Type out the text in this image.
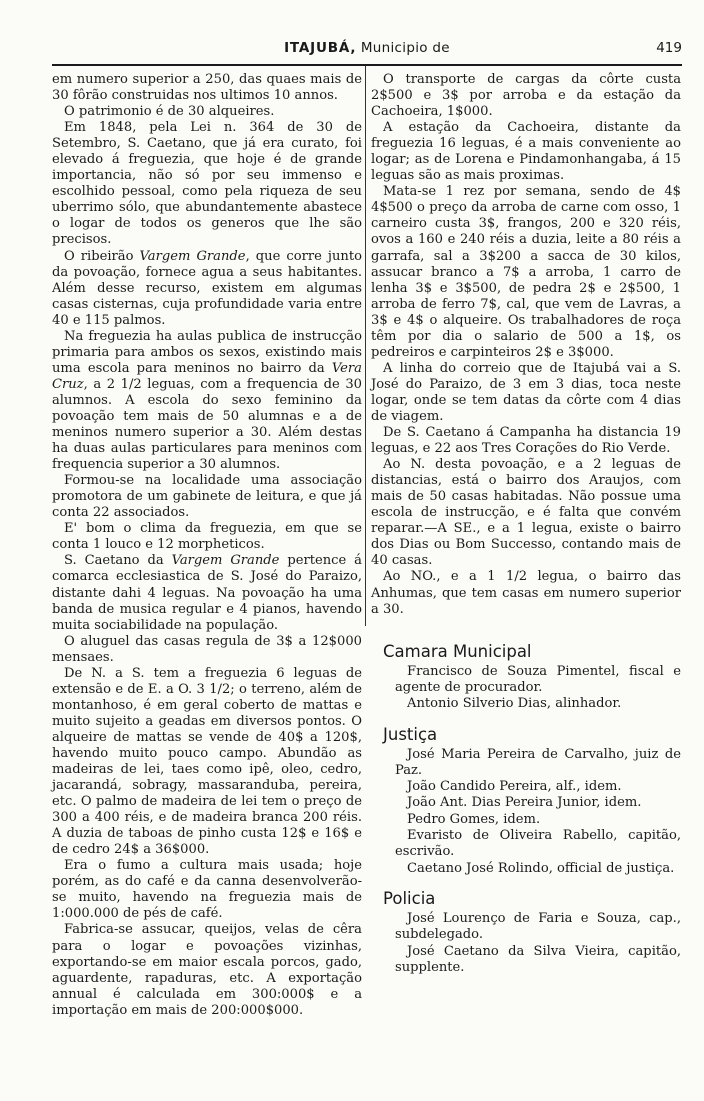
ITAJUBÁ, Municipio de	419

em numero superior a 250, das quaes mais de 30 fôrão construidas nos ultimos 10 annos.

O patrimonio é de 30 alqueires.

Em 1848, pela Lei n. 364 de 30 de Setembro, S. Caetano, que já era curato, foi elevado á freguezia, que hoje é de grande importancia, não só por seu immenso e escolhido pessoal, como pela riqueza de seu uberrimo sólo, que abundantemente abastece o logar de todos os generos que lhe são precisos.

O ribeirão Vargem Grande, que corre junto da povoação, fornece agua a seus habitantes. Além desse recurso, existem em algumas casas cisternas, cuja profundidade varia entre 40 e 115 palmos.

Na freguezia ha aulas publica de instrucção primaria para ambos os sexos, existindo mais uma escola para meninos no bairro da Vera Cruz, a 2 1/2 leguas, com a frequencia de 30 alumnos. A escola do sexo feminino da povoação tem mais de 50 alumnas e a de meninos numero superior a 30. Além destas ha duas aulas particulares para meninos com frequencia superior a 30 alumnos.

Formou-se na localidade uma associação promotora de um gabinete de leitura, e que já conta 22 associados.

E' bom o clima da freguezia, em que se conta 1 louco e 12 morpheticos.

S. Caetano da Vargem Grande pertence á comarca ecclesiastica de S. José do Paraizo, distante dahi 4 leguas. Na povoação ha uma banda de musica regular e 4 pianos, havendo muita sociabilidade na população.

O aluguel das casas regula de 3$ a 12$000 mensaes.

De N. a S. tem a freguezia 6 leguas de extensão e de E. a O. 3 1/2; o terreno, além de montanhoso, é em geral coberto de mattas e muito sujeito a geadas em diversos pontos. O alqueire de mattas se vende de 40$ a 120$, havendo muito pouco campo. Abundão as madeiras de lei, taes como ipê, oleo, cedro, jacarandá, sobragy, massaranduba, pereira, etc. O palmo de madeira de lei tem o preço de 300 a 400 réis, e de madeira branca 200 réis. A duzia de taboas de pinho custa 12$ e 16$ e de cedro 24$ a 36$000.

Era o fumo a cultura mais usada; hoje porém, as do café e da canna desenvolverão-se muito, havendo na freguezia mais de 1:000.000 de pés de café.

Fabrica-se assucar, queijos, velas de cêra para o logar e povoações vizinhas, exportando-se em maior escala porcos, gado, aguardente, rapaduras, etc. A exportação annual é calculada em 300:000$ e a importação em mais de 200:000$000.

O transporte de cargas da côrte custa 2$500 e 3$ por arroba e da estação da Cachoeira, 1$000.

A estação da Cachoeira, distante da freguezia 16 leguas, é a mais conveniente ao logar; as de Lorena e Pindamonhangaba, á 15 leguas são as mais proximas.

Mata-se 1 rez por semana, sendo de 4$ 4$500 o preço da arroba de carne com osso, 1 carneiro custa 3$, frangos, 200 e 320 réis, ovos a 160 e 240 réis a duzia, leite a 80 réis a garrafa, sal a 3$200 a sacca de 30 kilos, assucar branco a 7$ a arroba, 1 carro de lenha 3$ e 3$500, de pedra 2$ e 2$500, 1 arroba de ferro 7$, cal, que vem de Lavras, a 3$ e 4$ o alqueire. Os trabalhadores de roça têm por dia o salario de 500 a 1$, os pedreiros e carpinteiros 2$ e 3$000.

A linha do correio que de Itajubá vai a S. José do Paraizo, de 3 em 3 dias, toca neste logar, onde se tem datas da côrte com 4 dias de viagem.

De S. Caetano á Campanha ha distancia 19 leguas, e 22 aos Tres Corações do Rio Verde.

Ao N. desta povoação, e a 2 leguas de distancias, está o bairro dos Araujos, com mais de 50 casas habitadas. Não possue uma escola de instrucção, e é falta que convém reparar.—A SE., e a 1 legua, existe o bairro dos Dias ou Bom Successo, contando mais de 40 casas.

Ao NO., e a 1 1/2 legua, o bairro das Anhumas, que tem casas em numero superior a 30.

Camara Municipal

Francisco de Souza Pimentel, fiscal e agente de procurador.

Antonio Silverio Dias, alinhador.

Justiça

José Maria Pereira de Carvalho, juiz de Paz.

João Candido Pereira, alf., idem.

João Ant. Dias Pereira Junior, idem.

Pedro Gomes, idem.

Evaristo de Oliveira Rabello, capitão, escrivão.

Caetano José Rolindo, official de justiça.

Policia

José Lourenço de Faria e Souza, cap., subdelegado.

José Caetano da Silva Vieira, capitão, supplente.
